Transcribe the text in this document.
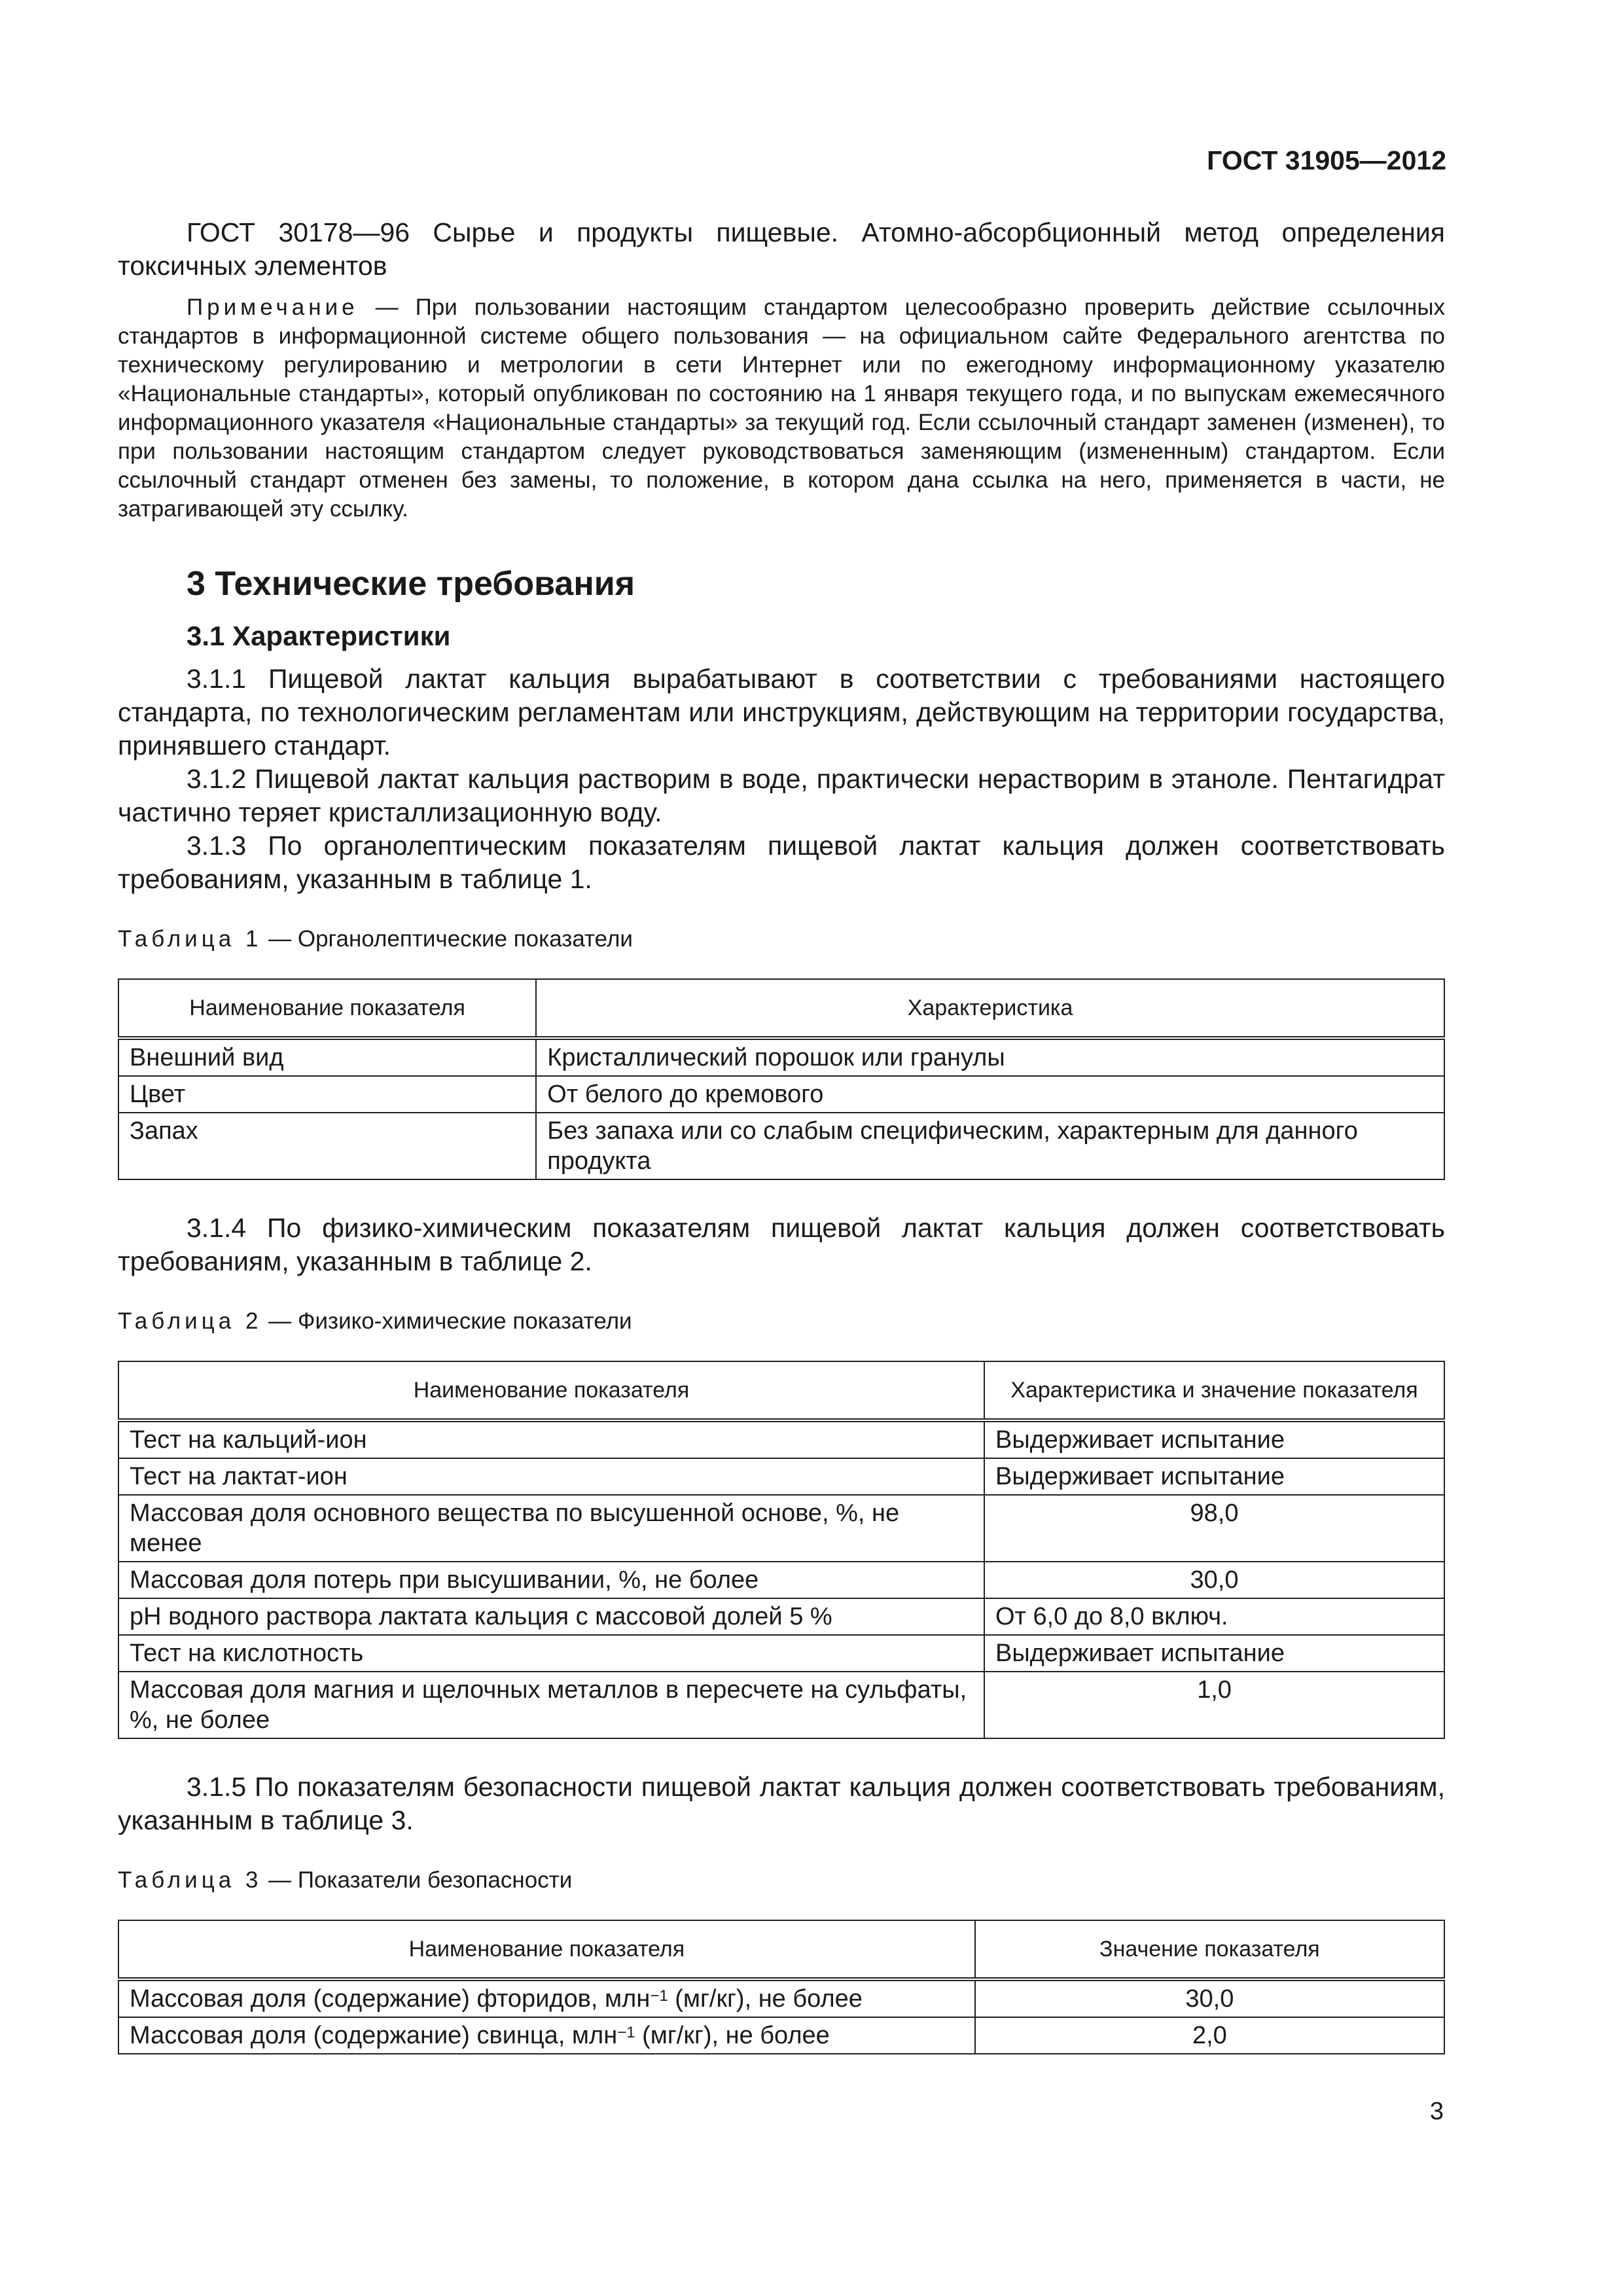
ГОСТ 31905—2012

ГОСТ 30178—96 Сырье и продукты пищевые. Атомно-абсорбционный метод определения токсичных элементов

Примечание — При пользовании настоящим стандартом целесообразно проверить действие ссылочных стандартов в информационной системе общего пользования — на официальном сайте Федерального агентства по техническому регулированию и метрологии в сети Интернет или по ежегодному информационному указателю «Национальные стандарты», который опубликован по состоянию на 1 января текущего года, и по выпускам ежемесячного информационного указателя «Национальные стандарты» за текущий год. Если ссылочный стандарт заменен (изменен), то при пользовании настоящим стандартом следует руководствоваться заменяющим (измененным) стандартом. Если ссылочный стандарт отменен без замены, то положение, в котором дана ссылка на него, применяется в части, не затрагивающей эту ссылку.

3 Технические требования
3.1 Характеристики

3.1.1 Пищевой лактат кальция вырабатывают в соответствии с требованиями настоящего стандарта, по технологическим регламентам или инструкциям, действующим на территории государства, принявшего стандарт.

3.1.2 Пищевой лактат кальция растворим в воде, практически нерастворим в этаноле. Пентагидрат частично теряет кристаллизационную воду.

3.1.3 По органолептическим показателям пищевой лактат кальция должен соответствовать требованиям, указанным в таблице 1.

Таблица 1 — Органолептические показатели
Наименование показателя	Характеристика
Внешний вид	Кристаллический порошок или гранулы
Цвет	От белого до кремового
Запах	Без запаха или со слабым специфическим, характерным для данного продукта

3.1.4 По физико-химическим показателям пищевой лактат кальция должен соответствовать требованиям, указанным в таблице 2.

Таблица 2 — Физико-химические показатели
Наименование показателя	Характеристика и значение показателя
Тест на кальций-ион	Выдерживает испытание
Тест на лактат-ион	Выдерживает испытание
Массовая доля основного вещества по высушенной основе, %, не менее	98,0
Массовая доля потерь при высушивании, %, не более	30,0
pH водного раствора лактата кальция с массовой долей 5 %	От 6,0 до 8,0 включ.
Тест на кислотность	Выдерживает испытание
Массовая доля магния и щелочных металлов в пересчете на сульфаты, %, не более	1,0

3.1.5 По показателям безопасности пищевой лактат кальция должен соответствовать требованиям, указанным в таблице 3.

Таблица 3 — Показатели безопасности
Наименование показателя	Значение показателя
Массовая доля (содержание) фторидов, млн$^{-1}$ (мг/кг), не более	30,0
Массовая доля (содержание) свинца, млн$^{-1}$ (мг/кг), не более	2,0
3
